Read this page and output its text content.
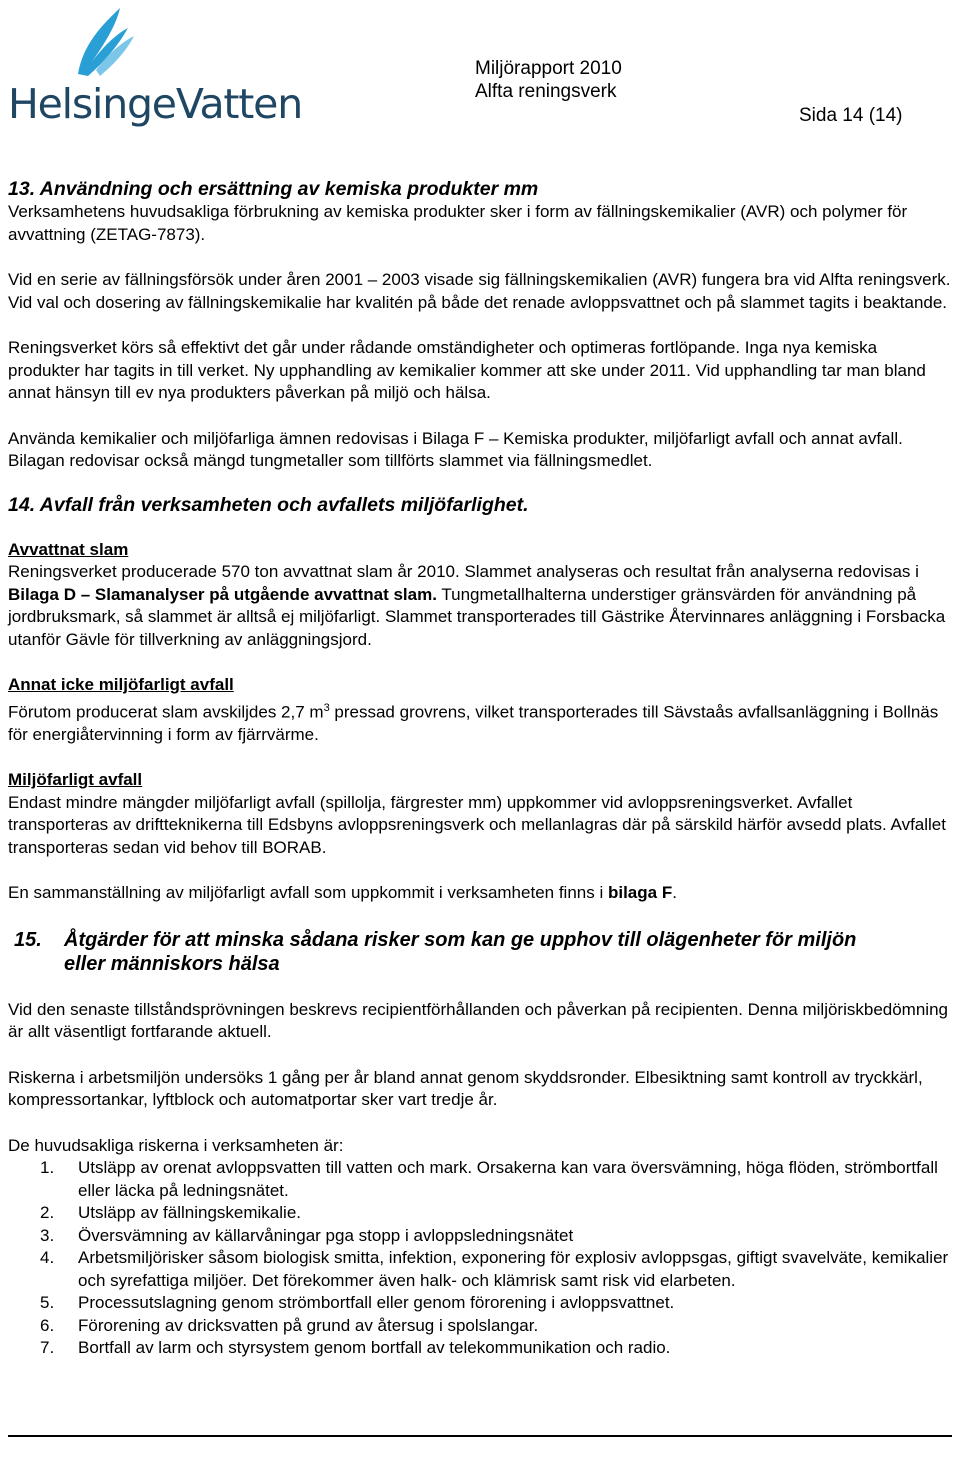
HelsingeVatten
Miljörapport 2010
Alfta reningsverk
Sida 14 (14)
13. Användning och ersättning av kemiska produkter mm

Verksamhetens huvudsakliga förbrukning av kemiska produkter sker i form av fällningskemikalier (AVR) och polymer för avvattning (ZETAG-7873).

Vid en serie av fällningsförsök under åren 2001 – 2003 visade sig fällningskemikalien (AVR) fungera bra vid Alfta reningsverk. Vid val och dosering av fällningskemikalie har kvalitén på både det renade avloppsvattnet och på slammet tagits i beaktande.

Reningsverket körs så effektivt det går under rådande omständigheter och optimeras fortlöpande. Inga nya kemiska produkter har tagits in till verket. Ny upphandling av kemikalier kommer att ske under 2011. Vid upphandling tar man bland annat hänsyn till ev nya produkters påverkan på miljö och hälsa.

Använda kemikalier och miljöfarliga ämnen redovisas i Bilaga F – Kemiska produkter, miljöfarligt avfall och annat avfall. Bilagan redovisar också mängd tungmetaller som tillförts slammet via fällningsmedlet.

14. Avfall från verksamheten och avfallets miljöfarlighet.
Avvattnat slam

Reningsverket producerade 570 ton avvattnat slam år 2010. Slammet analyseras och resultat från analyserna redovisas i Bilaga D – Slamanalyser på utgående avvattnat slam. Tungmetallhalterna understiger gränsvärden för användning på jordbruksmark, så slammet är alltså ej miljöfarligt. Slammet transporterades till Gästrike Återvinnares anläggning i Forsbacka utanför Gävle för tillverkning av anläggningsjord.

Annat icke miljöfarligt avfall

Förutom producerat slam avskiljdes 2,7 $m^3$ pressad grovrens, vilket transporterades till Sävstaås avfallsanläggning i Bollnäs för energiåtervinning i form av fjärrvärme.

Miljöfarligt avfall

Endast mindre mängder miljöfarligt avfall (spillolja, färgrester mm) uppkommer vid avloppsreningsverket. Avfallet transporteras av driftteknikerna till Edsbyns avloppsreningsverk och mellanlagras där på särskild härför avsedd plats. Avfallet transporteras sedan vid behov till BORAB.

En sammanställning av miljöfarligt avfall som uppkommit i verksamheten finns i bilaga F.

15. Åtgärder för att minska sådana risker som kan ge upphov till olägenheter för miljön
eller människors hälsa

Vid den senaste tillståndsprövningen beskrevs recipientförhållanden och påverkan på recipienten. Denna miljöriskbedömning är allt väsentligt fortfarande aktuell.

Riskerna i arbetsmiljön undersöks 1 gång per år bland annat genom skyddsronder. Elbesiktning samt kontroll av tryckkärl, kompressortankar, lyftblock och automatportar sker vart tredje år.

De huvudsakliga riskerna i verksamheten är:

1. Utsläpp av orenat avloppsvatten till vatten och mark. Orsakerna kan vara översvämning, höga flöden, strömbortfall eller läcka på ledningsnätet.
2. Utsläpp av fällningskemikalie.
3. Översvämning av källarvåningar pga stopp i avloppsledningsnätet
4. Arbetsmiljörisker såsom biologisk smitta, infektion, exponering för explosiv avloppsgas, giftigt svavelväte, kemikalier och syrefattiga miljöer. Det förekommer även halk- och klämrisk samt risk vid elarbeten.
5. Processutslagning genom strömbortfall eller genom förorening i avloppsvattnet.
6. Förorening av dricksvatten på grund av återsug i spolslangar.
7. Bortfall av larm och styrsystem genom bortfall av telekommunikation och radio.
